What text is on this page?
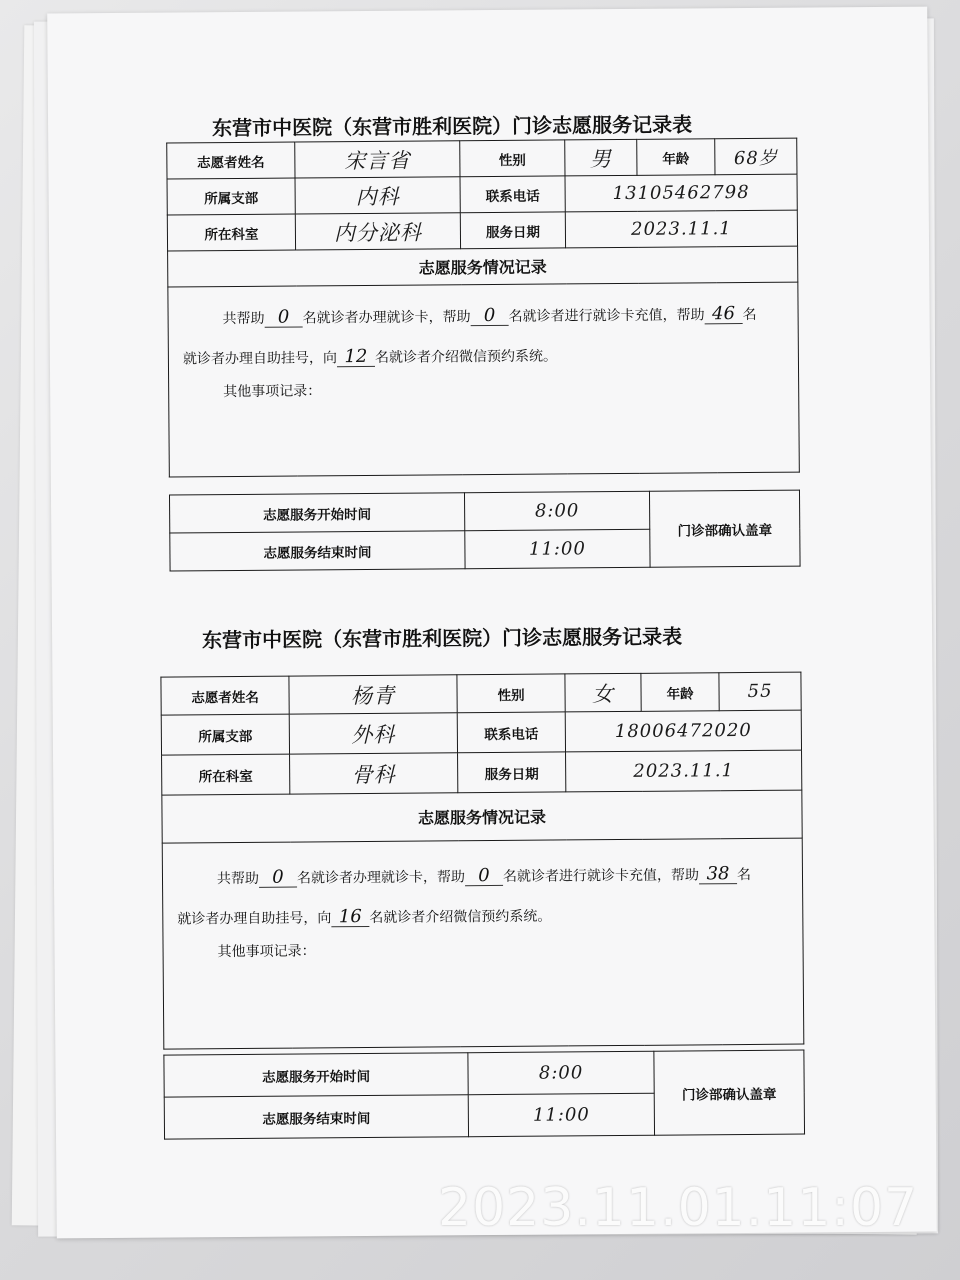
东营市中医院（东营市胜利医院）门诊志愿服务记录表
志愿者姓名	宋言省	性别	男	年龄	68岁
所属支部	内科	联系电话	13105462798		
所在科室	内分泌科	服务日期	2023.11.1		
志愿服务情况记录					

共帮助 0 名就诊者办理就诊卡，帮助 0 名就诊者进行就诊卡充值，帮助 46 名
就诊者办理自助挂号，向 12 名就诊者介绍微信预约系统。
其他事项记录：					
志愿服务开始时间	8:00	门诊部确认盖章
志愿服务结束时间	11:00	
东营市中医院（东营市胜利医院）门诊志愿服务记录表
志愿者姓名	杨青	性别	女	年龄	55
所属支部	外科	联系电话	18006472020		
所在科室	骨科	服务日期	2023.11.1		
志愿服务情况记录					

共帮助 0 名就诊者办理就诊卡，帮助 0 名就诊者进行就诊卡充值，帮助 38 名
就诊者办理自助挂号，向 16 名就诊者介绍微信预约系统。
其他事项记录：					
志愿服务开始时间	8:00	门诊部确认盖章
志愿服务结束时间	11:00	
2023.11.01.11:07
